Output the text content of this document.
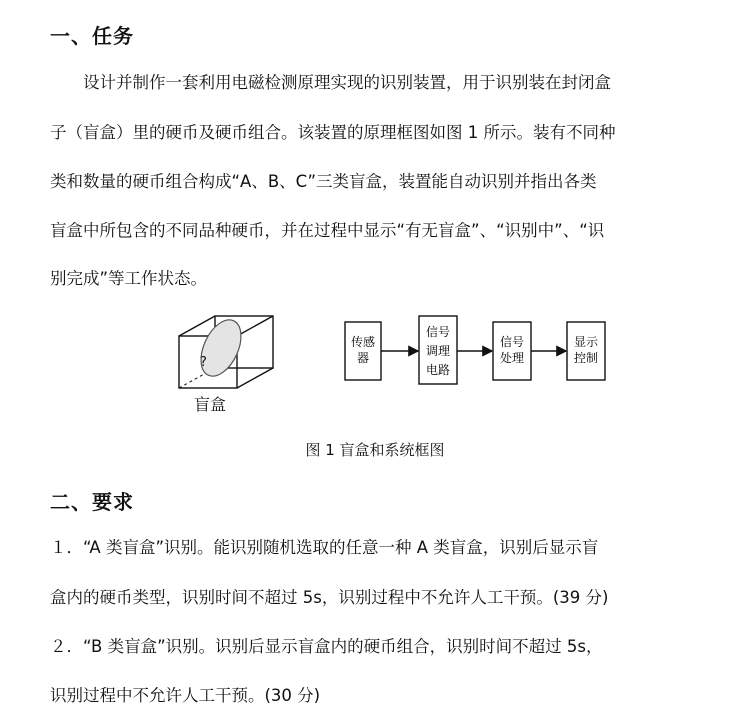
一、任务

　　设计并制作一套利用电磁检测原理实现的识别装置，用于识别装在封闭盒

子（盲盒）里的硬币及硬币组合。该装置的原理框图如图 1 所示。装有不同种

类和数量的硬币组合构成“A、B、C”三类盲盒，装置能自动识别并指出各类

盲盒中所包含的不同品种硬币，并在过程中显示“有无盲盒”、“识别中”、“识

别完成”等工作状态。

?
盲盒
传感
器
信号
调理
电路
信号
处理
显示
控制
图 1 盲盒和系统框图
二、要求

１．“A 类盲盒”识别。能识别随机选取的任意一种 A 类盲盒，识别后显示盲

盒内的硬币类型，识别时间不超过 5s，识别过程中不允许人工干预。(39 分)

２．“B 类盲盒”识别。识别后显示盲盒内的硬币组合，识别时间不超过 5s，

识别过程中不允许人工干预。(30 分)
